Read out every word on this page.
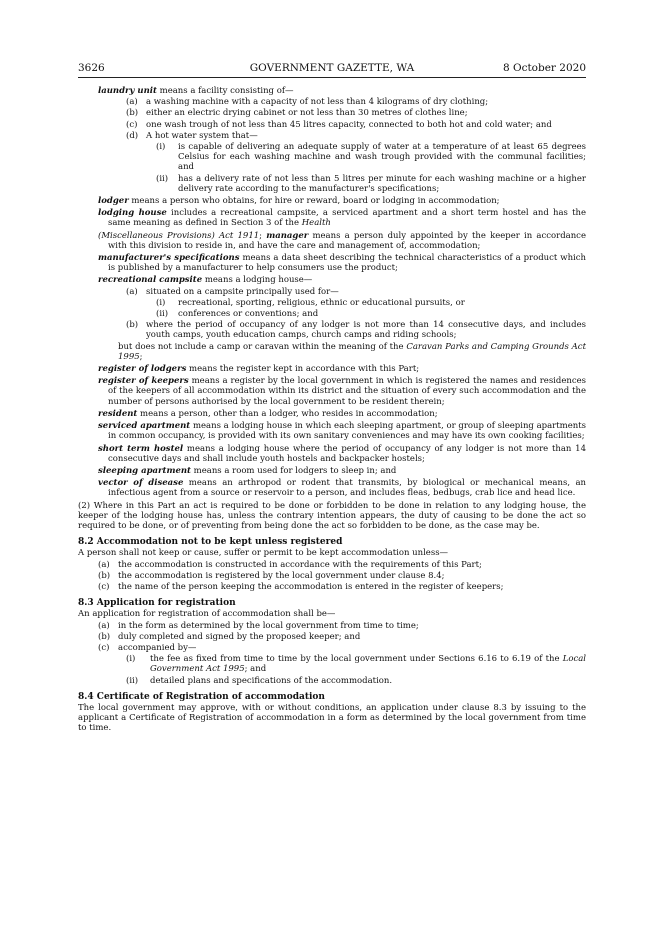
3626	GOVERNMENT GAZETTE, WA	8 October 2020

laundry unit means a facility consisting of—

(a) a washing machine with a capacity of not less than 4 kilograms of dry clothing;

(b) either an electric drying cabinet or not less than 30 metres of clothes line;

(c) one wash trough of not less than 45 litres capacity, connected to both hot and cold water; and

(d) A hot water system that—

(i) is capable of delivering an adequate supply of water at a temperature of at least 65 degrees Celsius for each washing machine and wash trough provided with the communal facilities; and

(ii) has a delivery rate of not less than 5 litres per minute for each washing machine or a higher delivery rate according to the manufacturer's specifications;

lodger means a person who obtains, for hire or reward, board or lodging in accommodation;

lodging house includes a recreational campsite, a serviced apartment and a short term hostel and has the same meaning as defined in Section 3 of the Health

(Miscellaneous Provisions) Act 1911; manager means a person duly appointed by the keeper in accordance with this division to reside in, and have the care and management of, accommodation;

manufacturer's specifications means a data sheet describing the technical characteristics of a product which is published by a manufacturer to help consumers use the product;

recreational campsite means a lodging house—

(a) situated on a campsite principally used for—

(i) recreational, sporting, religious, ethnic or educational pursuits, or

(ii) conferences or conventions; and

(b) where the period of occupancy of any lodger is not more than 14 consecutive days, and includes youth camps, youth education camps, church camps and riding schools;

but does not include a camp or caravan within the meaning of the Caravan Parks and Camping Grounds Act 1995;

register of lodgers means the register kept in accordance with this Part;

register of keepers means a register by the local government in which is registered the names and residences of the keepers of all accommodation within its district and the situation of every such accommodation and the number of persons authorised by the local government to be resident therein;

resident means a person, other than a lodger, who resides in accommodation;

serviced apartment means a lodging house in which each sleeping apartment, or group of sleeping apartments in common occupancy, is provided with its own sanitary conveniences and may have its own cooking facilities;

short term hostel means a lodging house where the period of occupancy of any lodger is not more than 14 consecutive days and shall include youth hostels and backpacker hostels;

sleeping apartment means a room used for lodgers to sleep in; and

vector of disease means an arthropod or rodent that transmits, by biological or mechanical means, an infectious agent from a source or reservoir to a person, and includes fleas, bedbugs, crab lice and head lice.

(2) Where in this Part an act is required to be done or forbidden to be done in relation to any lodging house, the keeper of the lodging house has, unless the contrary intention appears, the duty of causing to be done the act so required to be done, or of preventing from being done the act so forbidden to be done, as the case may be.

8.2 Accommodation not to be kept unless registered

A person shall not keep or cause, suffer or permit to be kept accommodation unless—

(a) the accommodation is constructed in accordance with the requirements of this Part;

(b) the accommodation is registered by the local government under clause 8.4;

(c) the name of the person keeping the accommodation is entered in the register of keepers;

8.3 Application for registration

An application for registration of accommodation shall be—

(a) in the form as determined by the local government from time to time;

(b) duly completed and signed by the proposed keeper; and

(c) accompanied by—

(i) the fee as fixed from time to time by the local government under Sections 6.16 to 6.19 of the Local Government Act 1995; and

(ii) detailed plans and specifications of the accommodation.

8.4 Certificate of Registration of accommodation

The local government may approve, with or without conditions, an application under clause 8.3 by issuing to the applicant a Certificate of Registration of accommodation in a form as determined by the local government from time to time.
